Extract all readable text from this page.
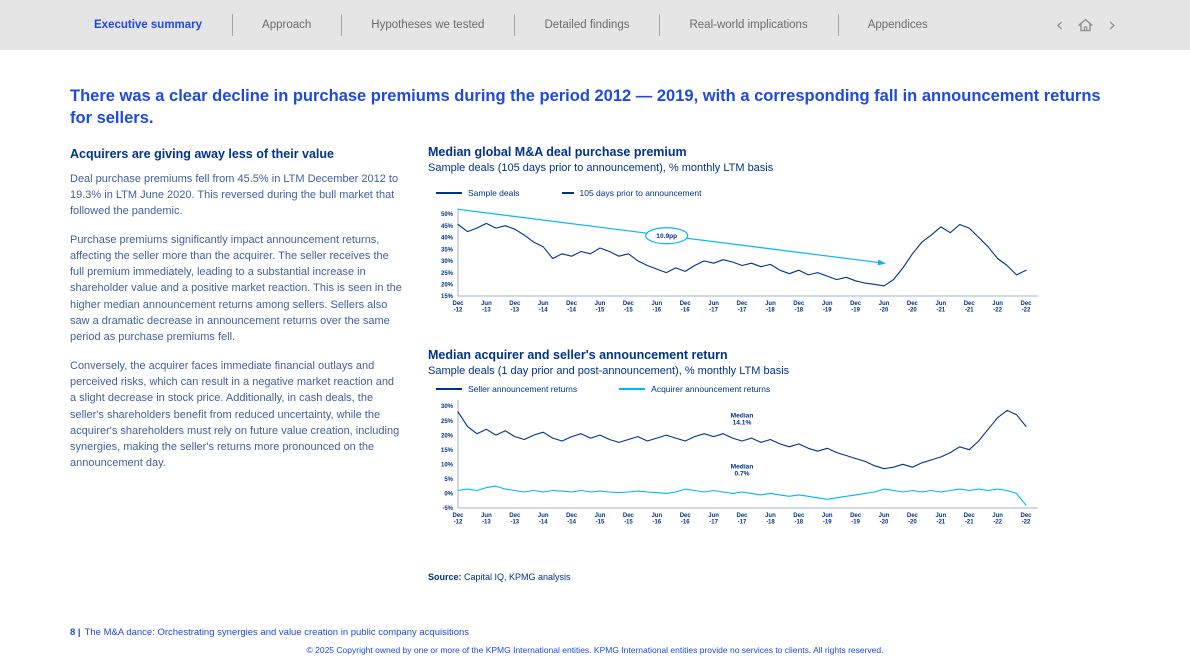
Executive summary	Approach	Hypotheses we tested	Detailed findings	Real-world implications	Appendices	‹ ›
There was a clear decline in purchase premiums during the period 2012 — 2019, with a corresponding fall in announcement returns for sellers.
Acquirers are giving away less of their value

Deal purchase premiums fell from 45.5% in LTM December 2012 to 19.3% in LTM June 2020. This reversed during the bull market that followed the pandemic.

Purchase premiums significantly impact announcement returns, affecting the seller more than the acquirer. The seller receives the full premium immediately, leading to a substantial increase in shareholder value and a positive market reaction. This is seen in the higher median announcement returns among sellers. Sellers also saw a dramatic decrease in announcement returns over the same period as purchase premiums fell.

Conversely, the acquirer faces immediate financial outlays and perceived risks, which can result in a negative market reaction and a slight decrease in stock price. Additionally, in cash deals, the seller's shareholders benefit from reduced uncertainty, while the acquirer's shareholders must rely on future value creation, including synergies, making the seller's returns more pronounced on the announcement day.

Median global M&A deal purchase premium
Sample deals (105 days prior to announcement), % monthly LTM basis
Sample deals	105 days prior to announcement
50%
45%
40%
35%
30%
25%
20%
15%
Dec -12
Jun -13
Dec -13
Jun -14
Dec -14
Jun -15
Dec -15
Jun -16
Dec -16
Jun -17
Dec -17
Jun -18
Dec -18
Jun -19
Dec -19
Jun -20
Dec -20
Jun -21
Dec -21
Jun -22
Dec -22
10.9pp
Median acquirer and seller's announcement return
Sample deals (1 day prior and post-announcement), % monthly LTM basis
Seller announcement returns	Acquirer announcement returns
30%
25%
20%
15%
10%
5%
0%
-5%
Dec -12
Jun -13
Dec -13
Jun -14
Dec -14
Jun -15
Dec -15
Jun -16
Dec -16
Jun -17
Dec -17
Jun -18
Dec -18
Jun -19
Dec -19
Jun -20
Dec -20
Jun -21
Dec -21
Jun -22
Dec -22
Median 14.1%
Median 0.7%
Source: Capital IQ, KPMG analysis
8 | The M&A dance: Orchestrating synergies and value creation in public company acquisitions
© 2025 Copyright owned by one or more of the KPMG International entities. KPMG International entities provide no services to clients. All rights reserved.
